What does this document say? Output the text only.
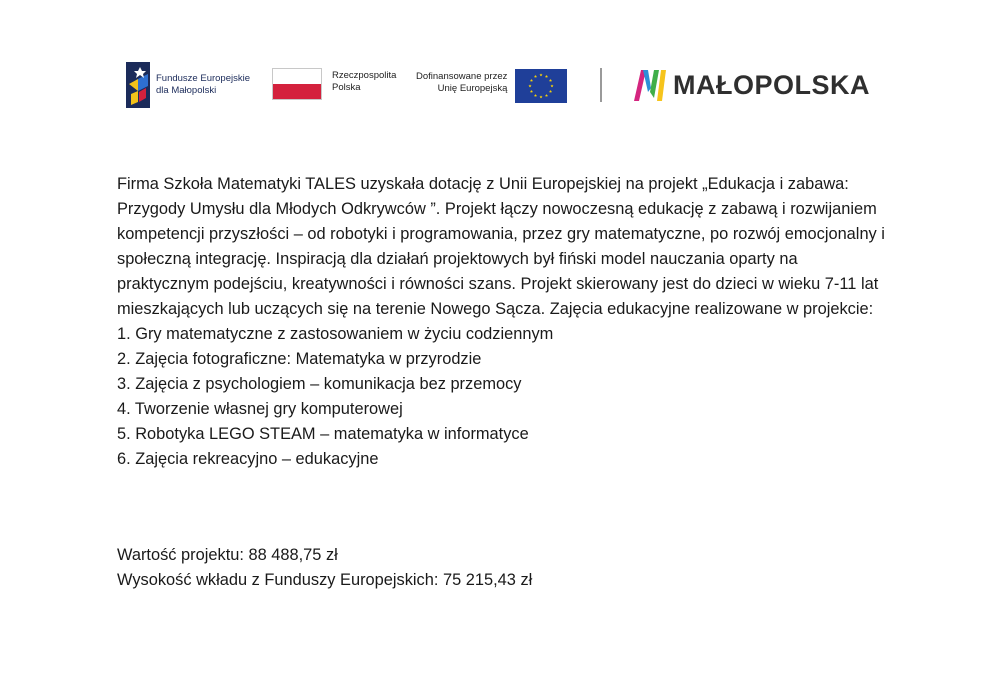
Fundusze Europejskie
dla Małopolski
Rzeczpospolita
Polska
Dofinansowane przez
Unię Europejską	MAŁOPOLSKA

Firma Szkoła Matematyki TALES uzyskała dotację z Unii Europejskiej na projekt „Edukacja i zabawa: Przygody Umysłu dla Młodych Odkrywców ”. Projekt łączy nowoczesną edukację z zabawą i rozwijaniem kompetencji przyszłości – od robotyki i programowania, przez gry matematyczne, po rozwój emocjonalny i społeczną integrację. Inspiracją dla działań projektowych był fiński model nauczania oparty na praktycznym podejściu, kreatywności i równości szans. Projekt skierowany jest do dzieci w wieku 7-11 lat mieszkających lub uczących się na terenie Nowego Sącza. Zajęcia edukacyjne realizowane w projekcie:

1. Gry matematyczne z zastosowaniem w życiu codziennym
2. Zajęcia fotograficzne: Matematyka w przyrodzie
3. Zajęcia z psychologiem – komunikacja bez przemocy
4. Tworzenie własnej gry komputerowej
5. Robotyka LEGO STEAM – matematyka w informatyce
6. Zajęcia rekreacyjno – edukacyjne

Wartość projektu: 88 488,75 zł

Wysokość wkładu z Funduszy Europejskich: 75 215,43 zł
